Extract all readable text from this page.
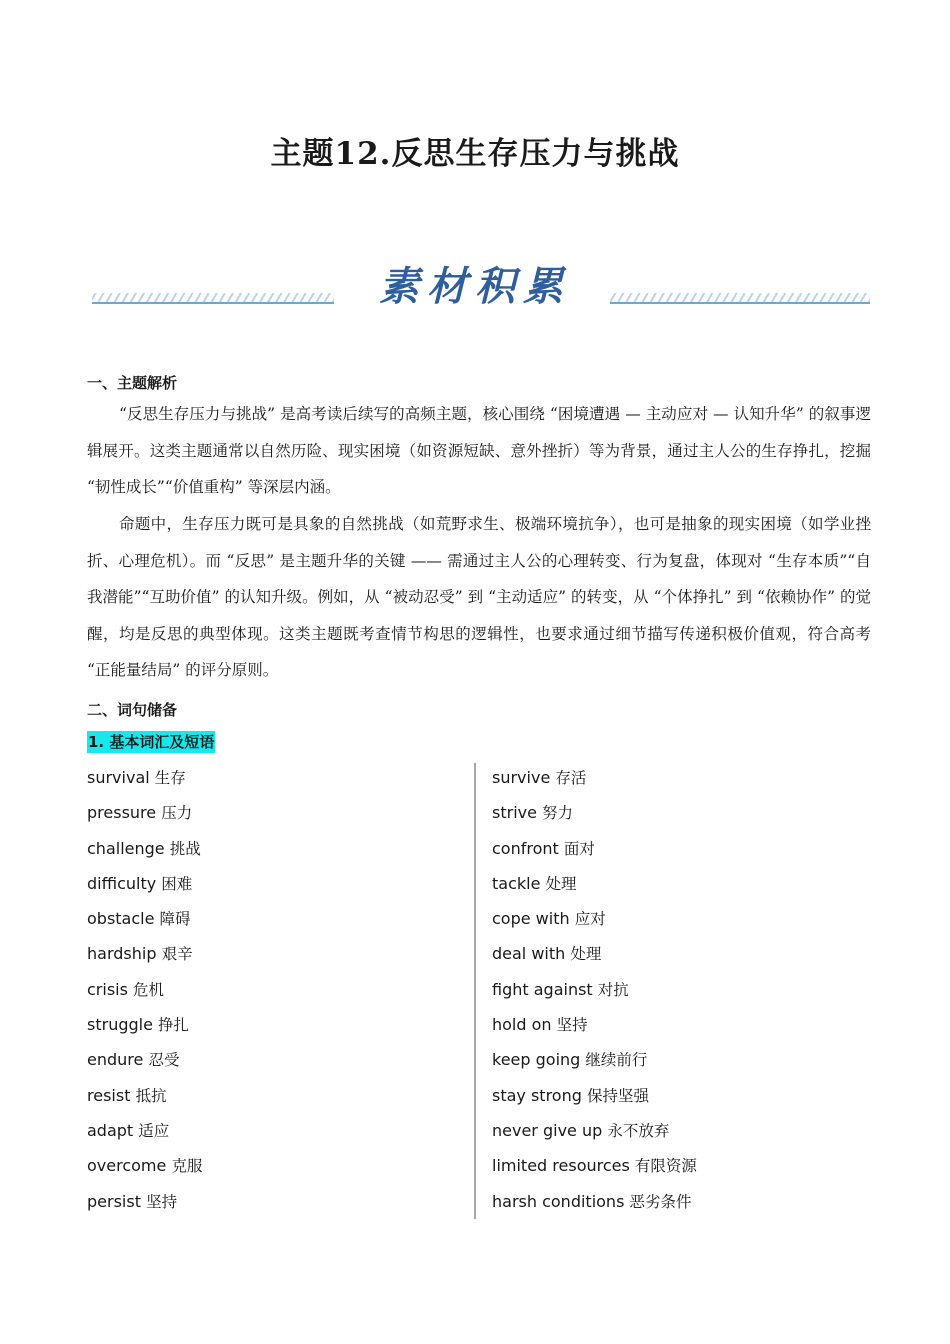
主题12.反思生存压力与挑战
素材积累
一、主题解析
“反思生存压力与挑战” 是高考读后续写的高频主题，核心围绕 “困境遭遇 — 主动应对 — 认知升华” 的叙事逻辑展开。这类主题通常以自然历险、现实困境（如资源短缺、意外挫折）等为背景，通过主人公的生存挣扎，挖掘 “韧性成长”“价值重构” 等深层内涵。
命题中，生存压力既可是具象的自然挑战（如荒野求生、极端环境抗争），也可是抽象的现实困境（如学业挫折、心理危机）。而 “反思” 是主题升华的关键 —— 需通过主人公的心理转变、行为复盘，体现对 “生存本质”“自我潜能”“互助价值” 的认知升级。例如，从 “被动忍受” 到 “主动适应” 的转变，从 “个体挣扎” 到 “依赖协作” 的觉醒，均是反思的典型体现。这类主题既考查情节构思的逻辑性，也要求通过细节描写传递积极价值观，符合高考 “正能量结局” 的评分原则。
二、词句储备
1. 基本词汇及短语
survival 生存
pressure 压力
challenge 挑战
difficulty 困难
obstacle 障碍
hardship 艰辛
crisis 危机
struggle 挣扎
endure 忍受
resist 抵抗
adapt 适应
overcome 克服
persist 坚持
survive 存活
strive 努力
confront 面对
tackle 处理
cope with 应对
deal with 处理
fight against 对抗
hold on 坚持
keep going 继续前行
stay strong 保持坚强
never give up 永不放弃
limited resources 有限资源
harsh conditions 恶劣条件
